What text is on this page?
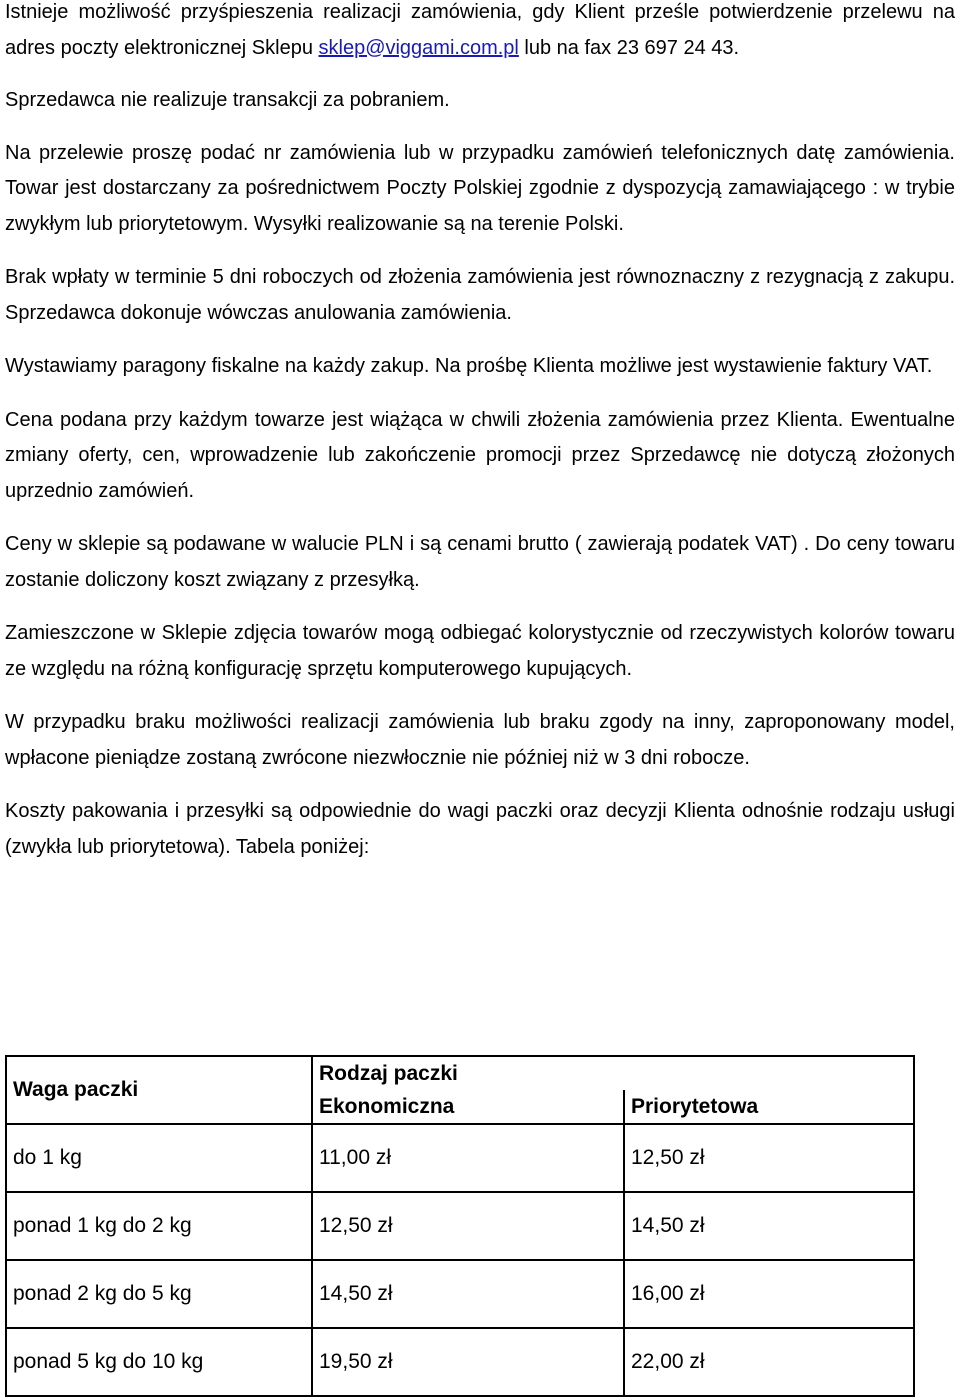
Istnieje możliwość przyśpieszenia realizacji zamówienia, gdy Klient prześle potwierdzenie przelewu na adres poczty elektronicznej Sklepu sklep@viggami.com.pl lub na fax 23 697 24 43.

Sprzedawca nie realizuje transakcji za pobraniem.

Na przelewie proszę podać nr zamówienia lub w przypadku zamówień telefonicznych datę zamówienia. Towar jest dostarczany za pośrednictwem Poczty Polskiej zgodnie z dyspozycją zamawiającego : w trybie zwykłym lub priorytetowym. Wysyłki realizowanie są na terenie Polski.

Brak wpłaty w terminie 5 dni roboczych od złożenia zamówienia jest równoznaczny z rezygnacją z zakupu. Sprzedawca dokonuje wówczas anulowania zamówienia.

Wystawiamy paragony fiskalne na każdy zakup. Na prośbę Klienta możliwe jest wystawienie faktury VAT.

Cena podana przy każdym towarze jest wiążąca w chwili złożenia zamówienia przez Klienta. Ewentualne zmiany oferty, cen, wprowadzenie lub zakończenie promocji przez Sprzedawcę nie dotyczą złożonych uprzednio zamówień.

Ceny w sklepie są podawane w walucie PLN i są cenami brutto ( zawierają podatek VAT) . Do ceny towaru zostanie doliczony koszt związany z przesyłką.

Zamieszczone w Sklepie zdjęcia towarów mogą odbiegać kolorystycznie od rzeczywistych kolorów towaru ze względu na różną konfigurację sprzętu komputerowego kupujących.

W przypadku braku możliwości realizacji zamówienia lub braku zgody na inny, zaproponowany model, wpłacone pieniądze zostaną zwrócone niezwłocznie nie później niż w 3 dni robocze.

Koszty pakowania i przesyłki są odpowiednie do wagi paczki oraz decyzji Klienta odnośnie rodzaju usługi (zwykła lub priorytetowa). Tabela poniżej:

Waga paczki	Rodzaj paczki	
	Ekonomiczna	Priorytetowa
do 1 kg	11,00 zł	12,50 zł
ponad 1 kg do 2 kg	12,50 zł	14,50 zł
ponad 2 kg do 5 kg	14,50 zł	16,00 zł
ponad 5 kg do 10 kg	19,50 zł	22,00 zł
